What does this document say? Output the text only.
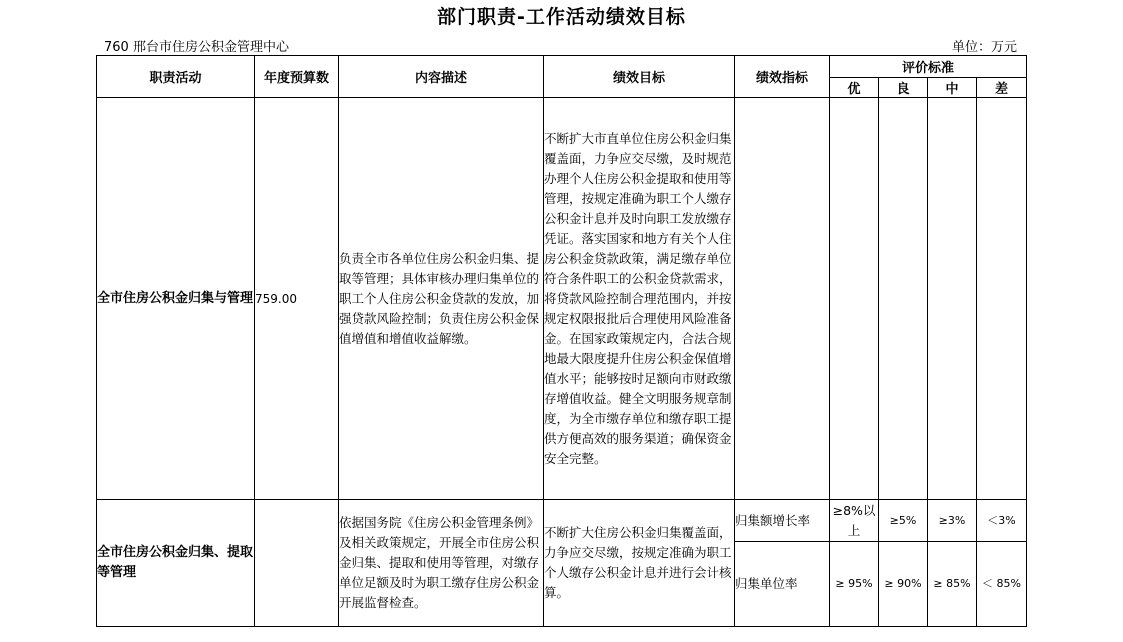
部门职责-工作活动绩效目标
760 邢台市住房公积金管理中心	单位：万元
职责活动	年度预算数	内容描述	绩效目标	绩效指标	评价标准			
					优	良	中	差
全市住房公积金归集与管理	759.00	负责全市各单位住房公积金归集、提取等管理；具体审核办理归集单位的职工个人住房公积金贷款的发放，加强贷款风险控制；负责住房公积金保值增值和增值收益解缴。	不断扩大市直单位住房公积金归集覆盖面，力争应交尽缴，及时规范办理个人住房公积金提取和使用等管理，按规定准确为职工个人缴存公积金计息并及时向职工发放缴存凭证。落实国家和地方有关个人住房公积金贷款政策，满足缴存单位符合条件职工的公积金贷款需求，将贷款风险控制合理范围内，并按规定权限报批后合理使用风险准备金。在国家政策规定内，合法合规地最大限度提升住房公积金保值增值水平；能够按时足额向市财政缴存增值收益。健全文明服务规章制度，为全市缴存单位和缴存职工提供方便高效的服务渠道；确保资金安全完整。					
全市住房公积金归集、提取等管理		依据国务院《住房公积金管理条例》及相关政策规定，开展全市住房公积金归集、提取和使用等管理，对缴存单位足额及时为职工缴存住房公积金开展监督检查。	不断扩大住房公积金归集覆盖面，力争应交尽缴，按规定准确为职工个人缴存公积金计息并进行会计核算。	归集额增长率	≥8%以上	≥5%	≥3%	＜3%
				归集单位率	≥ 95%	≥ 90%	≥ 85%	＜ 85%
